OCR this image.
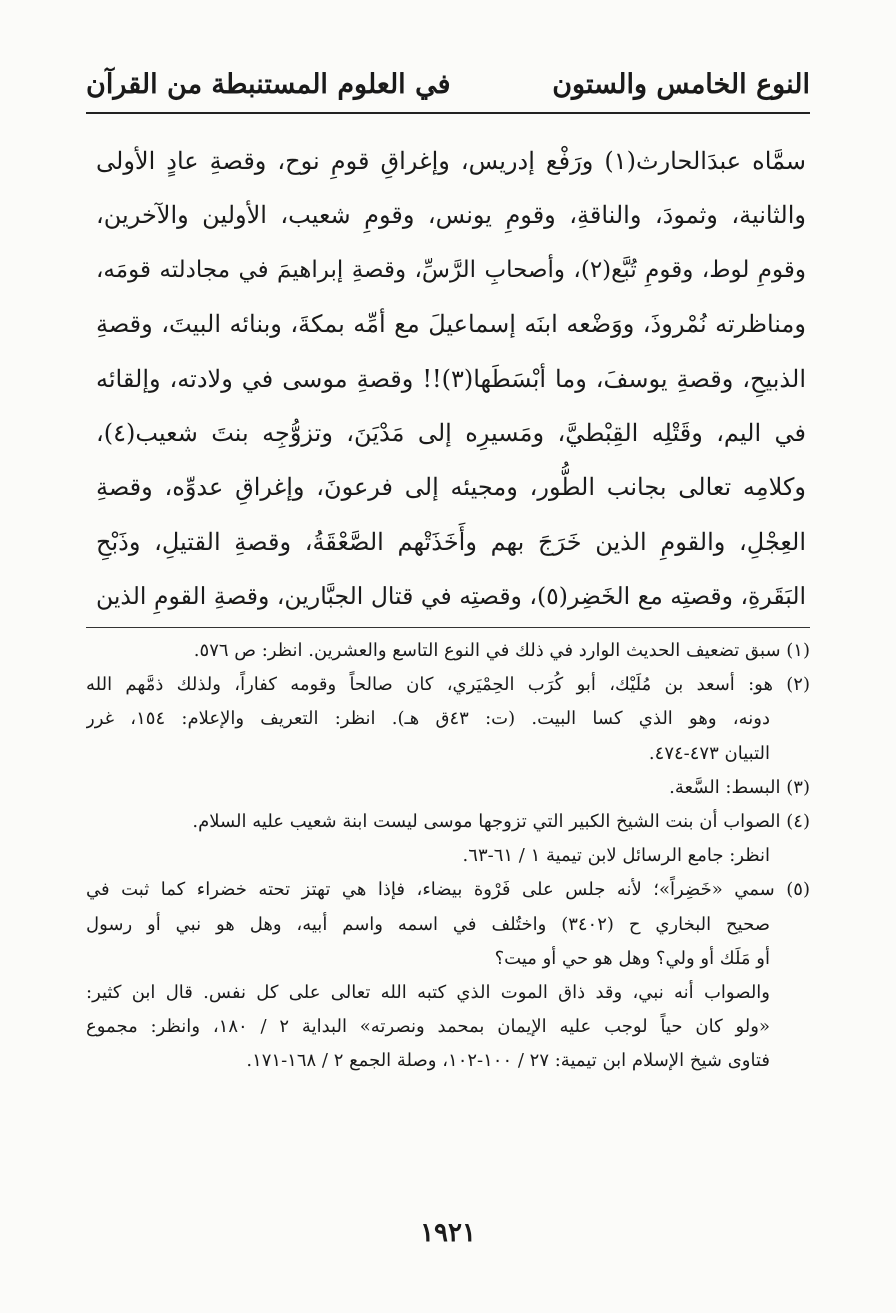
النوع الخامس والستون
في العلوم المستنبطة من القرآن
سمَّاه عبدَالحارث(١) ورَفْع إدريس، وإغراقِ قومِ نوح، وقصةِ عادٍ الأولى
والثانية، وثمودَ، والناقةِ، وقومِ يونس، وقومِ شعيب، الأولين والآخرين،
وقومِ لوط، وقومِ تُبَّع(٢)، وأصحابِ الرَّسِّ، وقصةِ إبراهيمَ في مجادلته قومَه،
ومناظرته نُمْروذَ، ووَضْعه ابنَه إسماعيلَ مع أمِّه بمكةَ، وبنائه البيتَ، وقصةِ
الذبيحِ، وقصةِ يوسفَ، وما أبْسَطَها(٣)!! وقصةِ موسى في ولادته، وإلقائه
في اليم، وقَتْلِه القِبْطيَّ، ومَسيرِه إلى مَدْيَنَ، وتزوُّجِه بنتَ شعيب(٤)،
وكلامِه تعالى بجانب الطُّور، ومجيئه إلى فرعونَ، وإغراقِ عدوِّه، وقصةِ
العِجْلِ، والقومِ الذين خَرَجَ بهم وأَخَذَتْهم الصَّعْقَةُ، وقصةِ القتيلِ، وذَبْحِ
البَقَرةِ، وقصتِه مع الخَضِر(٥)، وقصتِه في قتال الجبَّارين، وقصةِ القومِ الذين
(١) سبق تضعيف الحديث الوارد في ذلك في النوع التاسع والعشرين. انظر: ص ٥٧٦.
(٢) هو: أسعد بن مُلَيْك، أبو كُرَب الحِمْيَري، كان صالحاً وقومه كفاراً، ولذلك ذمَّهم الله
دونه، وهو الذي كسا البيت. (ت: ٤٣ق هـ). انظر: التعريف والإعلام: ١٥٤، غرر
التبيان ٤٧٣-٤٧٤.
(٣) البسط: السَّعة.
(٤) الصواب أن بنت الشيخ الكبير التي تزوجها موسى ليست ابنة شعيب عليه السلام.
انظر: جامع الرسائل لابن تيمية ١ / ٦١-٦٣.
(٥) سمي «خَضِراً»؛ لأنه جلس على فَرْوة بيضاء، فإذا هي تهتز تحته خضراء كما ثبت في
صحيح البخاري ح (٣٤٠٢) واختُلف في اسمه واسم أبيه، وهل هو نبي أو رسول
أو مَلَك أو ولي؟ وهل هو حي أو ميت؟
والصواب أنه نبي، وقد ذاق الموت الذي كتبه الله تعالى على كل نفس. قال ابن كثير:
«ولو كان حياً لوجب عليه الإيمان بمحمد ونصرته» البداية ٢ / ١٨٠، وانظر: مجموع
فتاوى شيخ الإسلام ابن تيمية: ٢٧ / ١٠٠-١٠٢، وصلة الجمع ٢ / ١٦٨-١٧١.
١٩٢١
